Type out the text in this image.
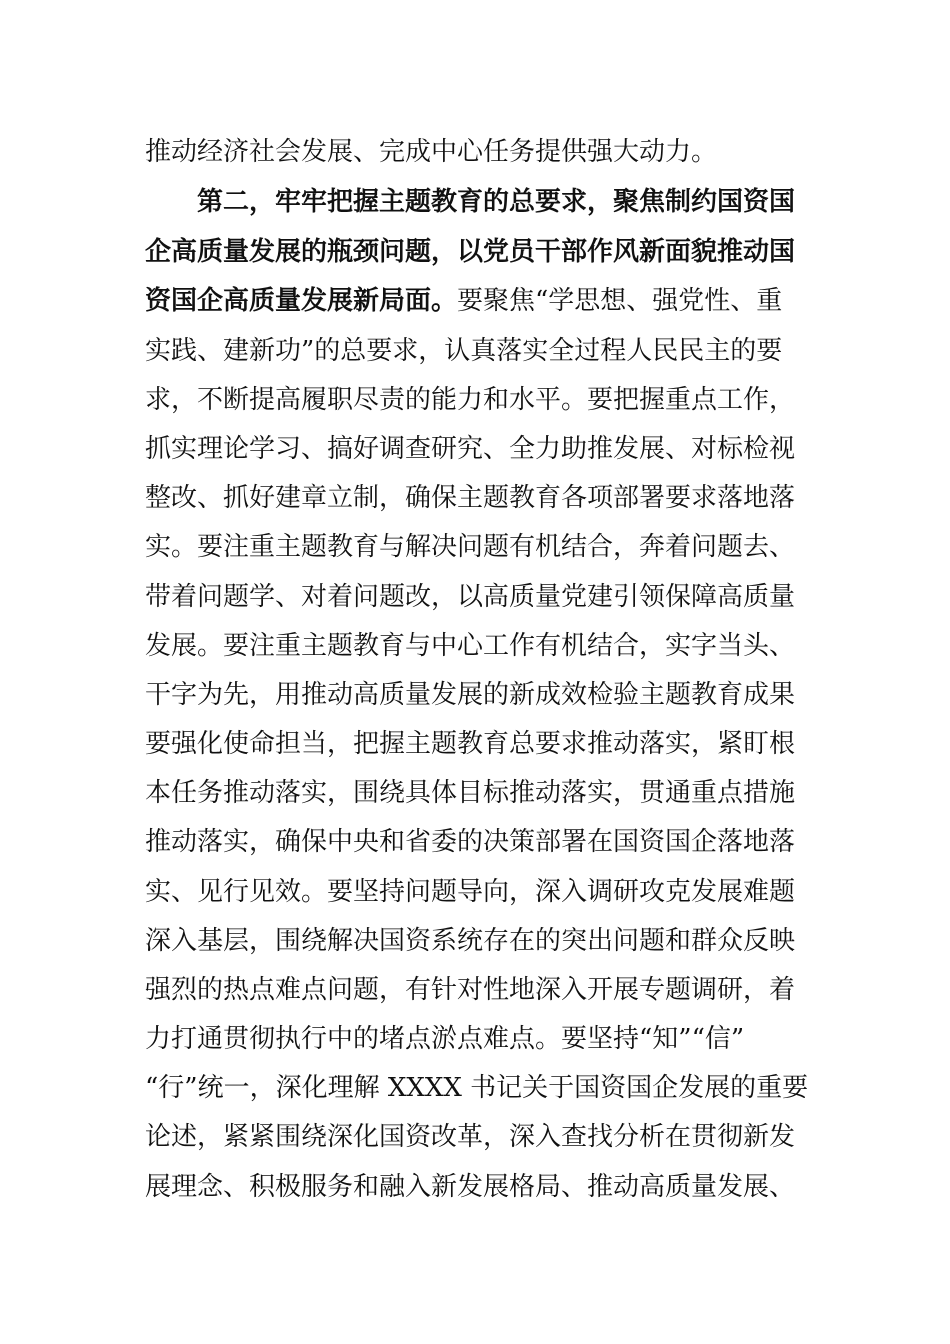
推动经济社会发展、完成中心任务提供强大动力。
第二，牢牢把握主题教育的总要求，聚焦制约国资国
企高质量发展的瓶颈问题，以党员干部作风新面貌推动国
资国企高质量发展新局面。要聚焦“学思想、强党性、重
实践、建新功”的总要求，认真落实全过程人民民主的要
求，不断提高履职尽责的能力和水平。要把握重点工作，
抓实理论学习、搞好调查研究、全力助推发展、对标检视
整改、抓好建章立制，确保主题教育各项部署要求落地落
实。要注重主题教育与解决问题有机结合，奔着问题去、
带着问题学、对着问题改，以高质量党建引领保障高质量
发展。要注重主题教育与中心工作有机结合，实字当头、
干字为先，用推动高质量发展的新成效检验主题教育成果
要强化使命担当，把握主题教育总要求推动落实，紧盯根
本任务推动落实，围绕具体目标推动落实，贯通重点措施
推动落实，确保中央和省委的决策部署在国资国企落地落
实、见行见效。要坚持问题导向，深入调研攻克发展难题
深入基层，围绕解决国资系统存在的突出问题和群众反映
强烈的热点难点问题，有针对性地深入开展专题调研，着
力打通贯彻执行中的堵点淤点难点。要坚持“知”“信”
“行”统一，深化理解 XXXX 书记关于国资国企发展的重要
论述，紧紧围绕深化国资改革，深入查找分析在贯彻新发
展理念、积极服务和融入新发展格局、推动高质量发展、
